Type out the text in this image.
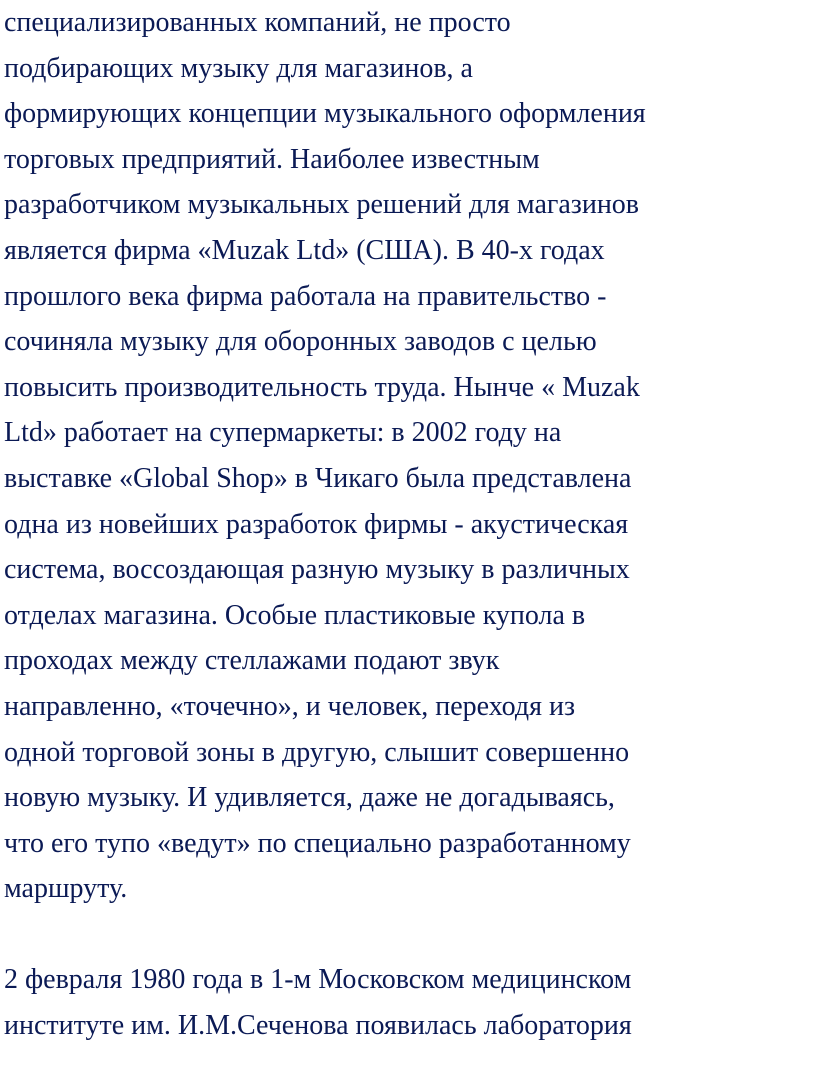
специализированных компаний, не просто
подбирающих музыку для магазинов, а
формирующих концепции музыкального оформления
торговых предприятий. Наиболее известным
разработчиком музыкальных решений для магазинов
является фирма «Muzak Ltd» (США). В 40-х годах
прошлого века фирма работала на правительство -
сочиняла музыку для оборонных заводов с целью
повысить производительность труда. Нынче « Muzak
Ltd» работает на супермаркеты: в 2002 году на
выставке «Global Shop» в Чикаго была представлена
одна из новейших разработок фирмы - акустическая
система, воссоздающая разную музыку в различных
отделах магазина. Особые пластиковые купола в
проходах между стеллажами подают звук
направленно, «точечно», и человек, переходя из
одной торговой зоны в другую, слышит совершенно
новую музыку. И удивляется, даже не догадываясь,
что его тупо «ведут» по специально разработанному
маршруту.
2 февраля 1980 года в 1-м Московском медицинском
институте им. И.М.Сеченова появилась лаборатория
